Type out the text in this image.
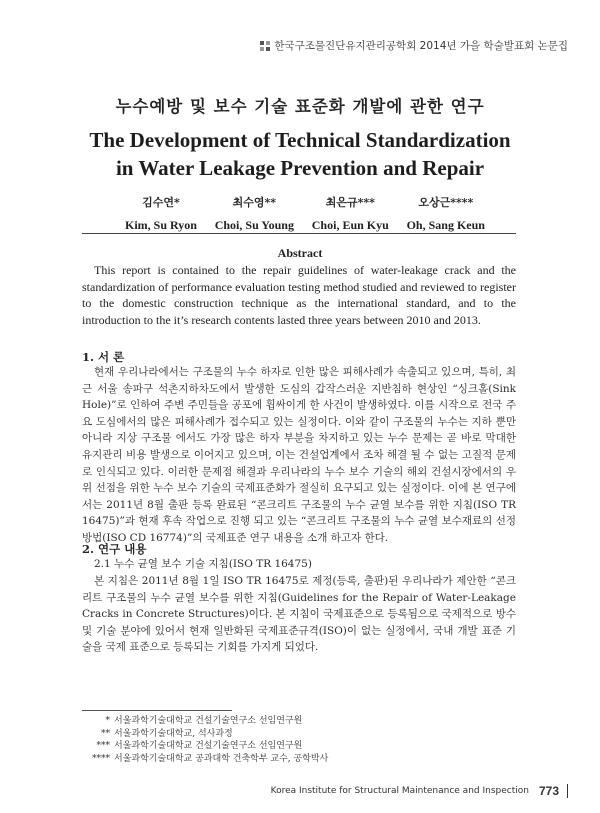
한국구조물진단유지관리공학회 2014년 가을 학술발표회 논문집
누수예방 및 보수 기술 표준화 개발에 관한 연구
The Development of Technical Standardization
in Water Leakage Prevention and Repair
김수연*
Kim, Su Ryon
최수영**
Choi, Su Young
최은규***
Choi, Eun Kyu
오상근****
Oh, Sang Keun
Abstract
This report is contained to the repair guidelines of water-leakage crack and the standardization of performance evaluation testing method studied and reviewed to register to the domestic construction technique as the international standard, and to the introduction to the it’s research contents lasted three years between 2010 and 2013.
1. 서 론
현재 우리나라에서는 구조물의 누수 하자로 인한 많은 피해사례가 속출되고 있으며, 특히, 최근 서울 송파구 석촌지하차도에서 발생한 도심의 갑작스러운 지반침하 현상인 “싱크홀(Sink Hole)”로 인하여 주변 주민들을 공포에 휩싸이게 한 사건이 발생하였다. 이를 시작으로 전국 주요 도심에서의 많은 피해사례가 접수되고 있는 실정이다. 이와 같이 구조물의 누수는 지하 뿐만아니라 지상 구조물 에서도 가장 많은 하자 부분을 차지하고 있는 누수 문제는 곧 바로 막대한 유지관리 비용 발생으로 이어지고 있으며, 이는 건설업계에서 조차 해결 될 수 없는 고질적 문제로 인식되고 있다. 이러한 문제점 해결과 우리나라의 누수 보수 기술의 해외 건설시장에서의 우위 선점을 위한 누수 보수 기술의 국제표준화가 절실히 요구되고 있는 실정이다. 이에 본 연구에서는 2011년 8월 출판 등록 완료된 “콘크리트 구조물의 누수 균열 보수를 위한 지침(ISO TR 16475)”과 현재 후속 작업으로 진행 되고 있는 “콘크리트 구조물의 누수 균열 보수재료의 선정방법(ISO CD 16774)”의 국제표준 연구 내용을 소개 하고자 한다.
2. 연구 내용
2.1 누수 균열 보수 기술 지침(ISO TR 16475)
본 지침은 2011년 8월 1일 ISO TR 16475로 제정(등록, 출판)된 우리나라가 제안한 “콘크리트 구조물의 누수 균열 보수를 위한 지침(Guidelines for the Repair of Water-Leakage Cracks in Concrete Structures)이다. 본 지침이 국제표준으로 등록됨으로 국제적으로 방수 및 기술 분야에 있어서 현재 일반화된 국제표준규격(ISO)이 없는 실정에서, 국내 개발 표준 기술을 국제 표준으로 등록되는 기회를 가지게 되었다.
* 서울과학기술대학교 건설기술연구소 선임연구원
** 서울과학기술대학교, 석사과정
*** 서울과학기술대학교 건설기술연구소 선임연구원
**** 서울과학기술대학교 공과대학 건축학부 교수, 공학박사
Korea Institute for Structural Maintenance and Inspection 773
